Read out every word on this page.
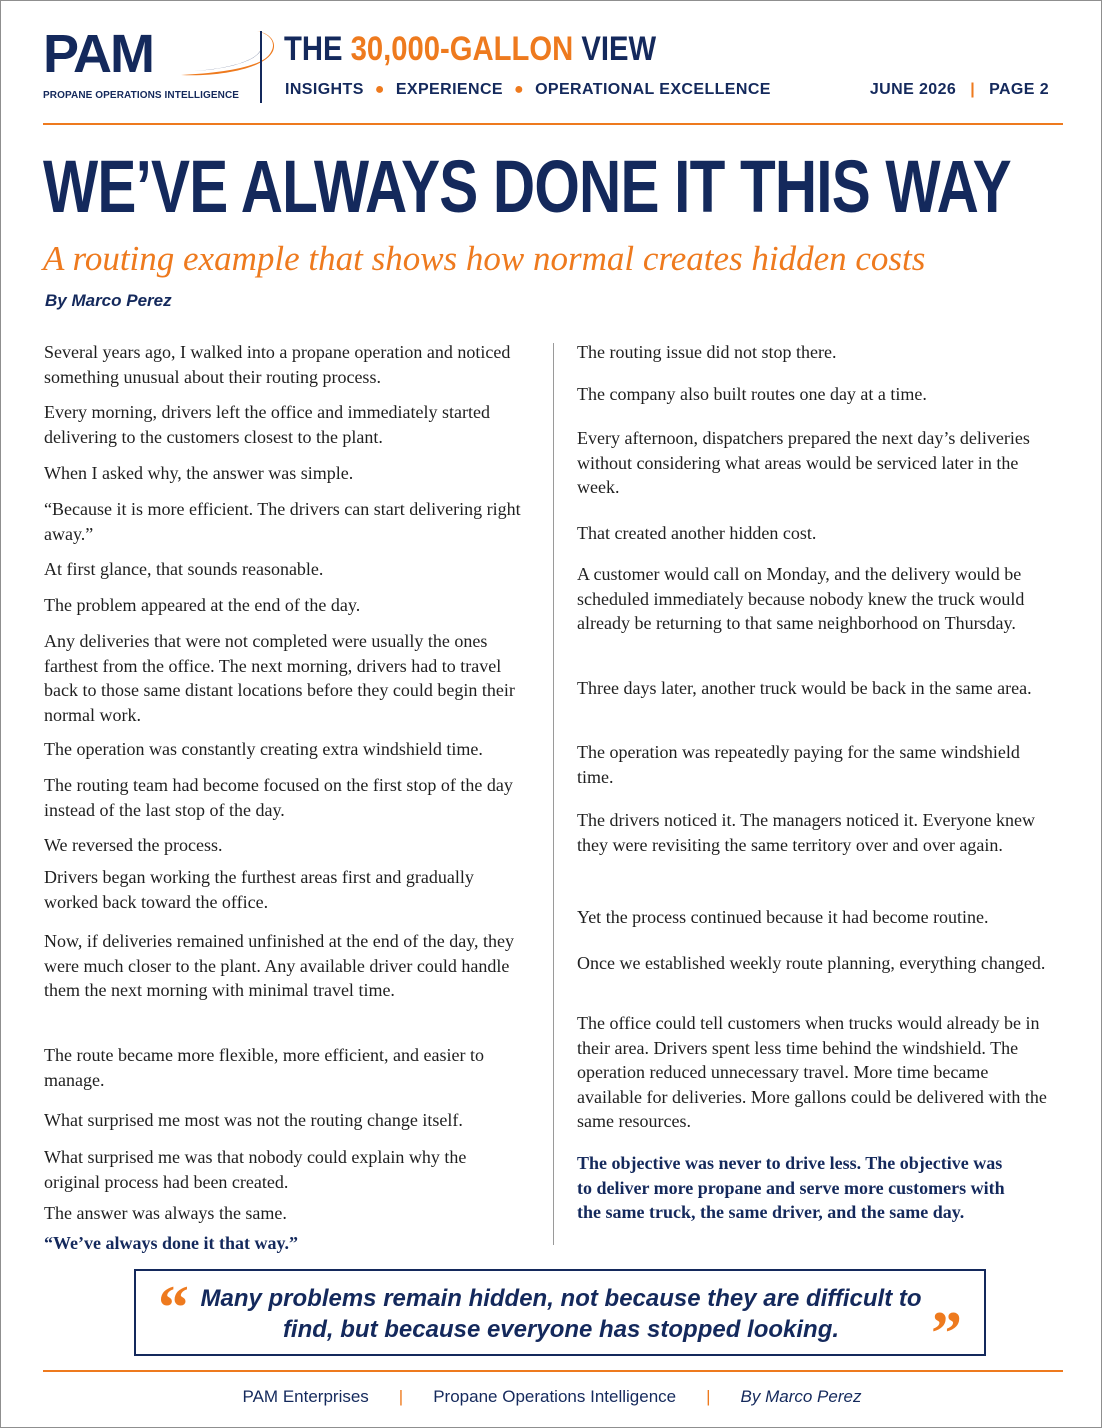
PAM
PROPANE OPERATIONS INTELLIGENCE
THE 30,000-GALLON VIEW
INSIGHTS ● EXPERIENCE ● OPERATIONAL EXCELLENCE	JUNE 2026 | PAGE 2
WE’VE ALWAYS DONE IT THIS WAY
A routing example that shows how normal creates hidden costs
By Marco Perez

Several years ago, I walked into a propane operation and noticed something unusual about their routing process.

Every morning, drivers left the office and immediately started delivering to the customers closest to the plant.

When I asked why, the answer was simple.

“Because it is more efficient. The drivers can start delivering right away.”

At first glance, that sounds reasonable.

The problem appeared at the end of the day.

Any deliveries that were not completed were usually the ones farthest from the office. The next morning, drivers had to travel back to those same distant locations before they could begin their normal work.

The operation was constantly creating extra windshield time.

The routing team had become focused on the first stop of the day instead of the last stop of the day.

We reversed the process.

Drivers began working the furthest areas first and gradually worked back toward the office.

Now, if deliveries remained unfinished at the end of the day, they were much closer to the plant. Any available driver could handle them the next morning with minimal travel time.

The route became more flexible, more efficient, and easier to manage.

What surprised me most was not the routing change itself.

What surprised me was that nobody could explain why the original process had been created.

The answer was always the same.

“We’ve always done it that way.”

The routing issue did not stop there.

The company also built routes one day at a time.

Every afternoon, dispatchers prepared the next day’s deliveries without considering what areas would be serviced later in the week.

That created another hidden cost.

A customer would call on Monday, and the delivery would be scheduled immediately because nobody knew the truck would already be returning to that same neighborhood on Thursday.

Three days later, another truck would be back in the same area.

The operation was repeatedly paying for the same windshield time.

The drivers noticed it. The managers noticed it. Everyone knew they were revisiting the same territory over and over again.

Yet the process continued because it had become routine.

Once we established weekly route planning, everything changed.

The office could tell customers when trucks would already be in their area. Drivers spent less time behind the windshield. The operation reduced unnecessary travel. More time became available for deliveries. More gallons could be delivered with the same resources.

The objective was never to drive less. The objective was to deliver more propane and serve more customers with the same truck, the same driver, and the same day.

“ Many problems remain hidden, not because they are difficult to find, but because everyone has stopped looking.	”
PAM Enterprises | Propane Operations Intelligence | By Marco Perez
